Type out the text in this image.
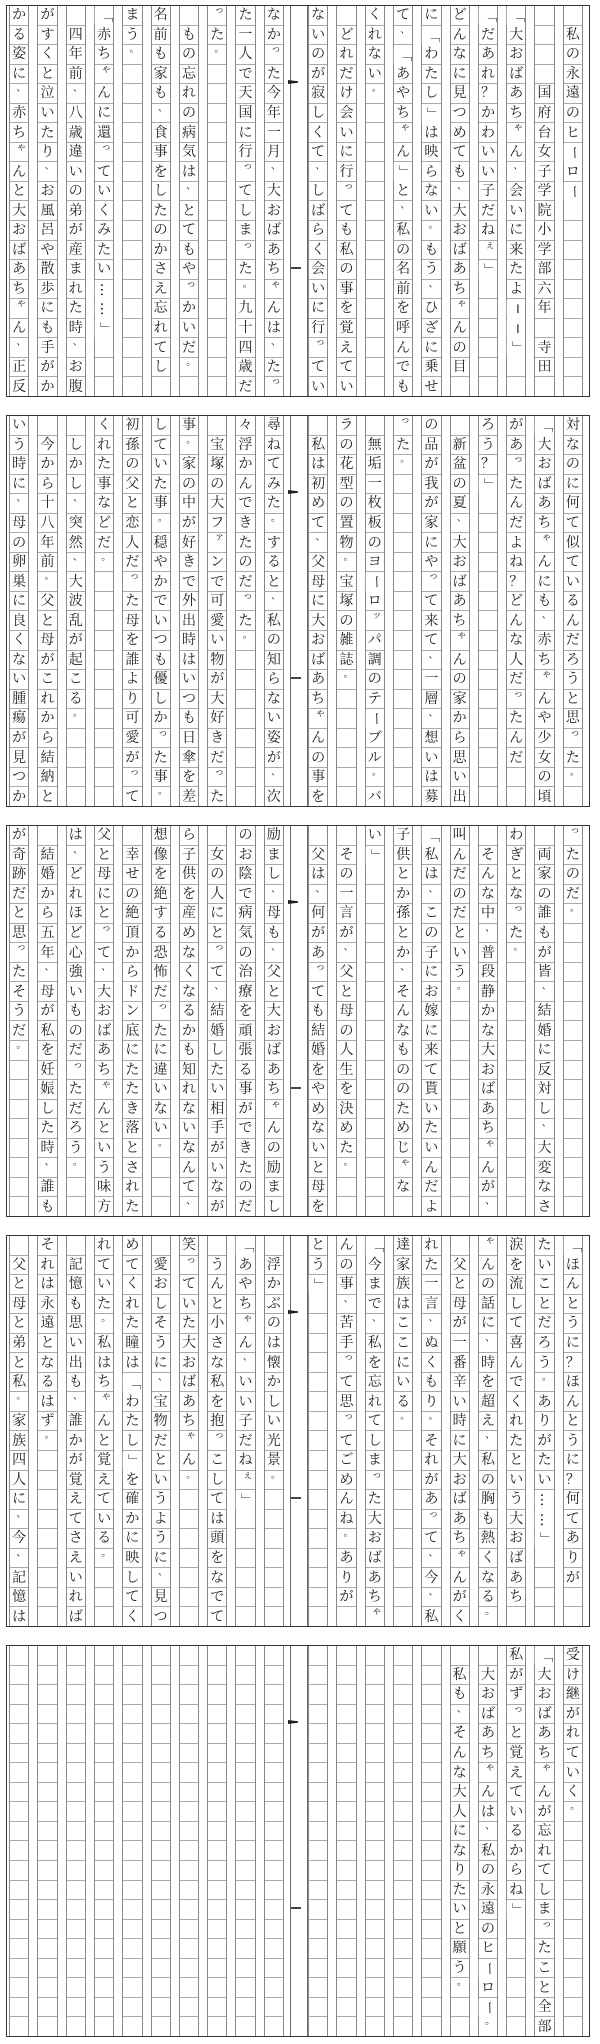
私
の
永
遠
の
ヒ
ー
ロ
ー
国
府
台
女
子
学
院
小
学
部
六
年
寺
田
「
大
お
ば
あ
ち
ゃ
ん
、
会
い
に
来
た
よ
─
─
」
「
だ
あ
れ
？
か
わ
い
い
子
だ
ね
ぇ
」
ど
ん
な
に
見
つ
め
て
も
、
大
お
ば
あ
ち
ゃ
ん
の
目
に
「
わ
た
し
」
は
映
ら
な
い
。
も
う
、
ひ
ざ
に
乗
せ
て
、
「
あ
や
ち
ゃ
ん
」
と
、
私
の
名
前
を
呼
ん
で
も
く
れ
な
い
。
ど
れ
だ
け
会
い
に
行
っ
て
も
私
の
事
を
覚
え
て
い
な
い
の
が
寂
し
く
て
、
し
ば
ら
く
会
い
に
行
っ
て
い
な
か
っ
た
今
年
一
月
、
大
お
ば
あ
ち
ゃ
ん
は
、
た
っ
た
一
人
で
天
国
に
行
っ
て
し
ま
っ
た
。
九
十
四
歳
だ
っ
た
。
も
の
忘
れ
の
病
気
は
、
と
て
も
や
っ
か
い
だ
。
名
前
も
家
も
、
食
事
を
し
た
の
か
さ
え
忘
れ
て
し
ま
う
。
「
赤
ち
ゃ
ん
に
還
っ
て
い
く
み
た
い
…
…
」
四
年
前
、
八
歳
違
い
の
弟
が
産
ま
れ
た
時
、
お
腹
が
す
く
と
泣
い
た
り
、
お
風
呂
や
散
歩
に
も
手
が
か
か
る
姿
に
、
赤
ち
ゃ
ん
と
大
お
ば
あ
ち
ゃ
ん
、
正
反
対
な
の
に
何
て
似
て
い
る
ん
だ
ろ
う
と
思
っ
た
。
「
大
お
ば
あ
ち
ゃ
ん
に
も
、
赤
ち
ゃ
ん
や
少
女
の
頃
が
あ
っ
た
ん
だ
よ
ね
？
ど
ん
な
人
だ
っ
た
ん
だ
ろ
う
？
」
新
盆
の
夏
、
大
お
ば
あ
ち
ゃ
ん
の
家
か
ら
思
い
出
の
品
が
我
が
家
に
や
っ
て
来
て
、
一
層
、
想
い
は
募
っ
た
。
無
垢
一
枚
板
の
ヨ
ー
ロ
ッ
パ
調
の
テ
ー
ブ
ル
。
バ
ラ
の
花
型
の
置
物
。
宝
塚
の
雑
誌
。
私
は
初
め
て
、
父
母
に
大
お
ば
あ
ち
ゃ
ん
の
事
を
尋
ね
て
み
た
。
す
る
と
、
私
の
知
ら
な
い
姿
が
、
次
々
浮
か
ん
で
き
た
の
だ
っ
た
。
宝
塚
の
大
フ
ァ
ン
で
可
愛
い
物
が
大
好
き
だ
っ
た
事
。
家
の
中
が
好
き
で
外
出
時
は
い
つ
も
日
傘
を
差
し
て
い
た
事
。
穏
や
か
で
い
つ
も
優
し
か
っ
た
事
。
初
孫
の
父
と
恋
人
だ
っ
た
母
を
誰
よ
り
可
愛
が
っ
て
く
れ
た
事
な
ど
だ
。
し
か
し
、
突
然
、
大
波
乱
が
起
こ
る
。
今
か
ら
十
八
年
前
。
父
と
母
が
こ
れ
か
ら
結
納
と
い
う
時
に
、
母
の
卵
巣
に
良
く
な
い
腫
瘍
が
見
つ
か
っ
た
の
だ
。
両
家
の
誰
も
が
皆
、
結
婚
に
反
対
し
、
大
変
な
さ
わ
ぎ
と
な
っ
た
。
そ
ん
な
中
、
普
段
静
か
な
大
お
ば
あ
ち
ゃ
ん
が
、
叫
ん
だ
の
だ
と
い
う
。
「
私
は
、
こ
の
子
に
お
嫁
に
来
て
貰
い
た
い
ん
だ
よ
子
供
と
か
孫
と
か
、
そ
ん
な
も
の
の
た
め
じ
ゃ
な
い
」
そ
の
一
言
が
、
父
と
母
の
人
生
を
決
め
た
。
父
は
、
何
が
あ
っ
て
も
結
婚
を
や
め
な
い
と
母
を
励
ま
し
、
母
も
、
父
と
大
お
ば
あ
ち
ゃ
ん
の
励
ま
し
の
お
陰
で
病
気
の
治
療
を
頑
張
る
事
が
で
き
た
の
だ
女
の
人
に
と
っ
て
、
結
婚
し
た
い
相
手
が
い
な
が
ら
子
供
を
産
め
な
く
な
る
か
も
知
れ
な
い
な
ん
て
、
想
像
を
絶
す
る
恐
怖
だ
っ
た
に
違
い
な
い
。
幸
せ
の
絶
頂
か
ら
ド
ン
底
に
た
た
き
落
と
さ
れ
た
父
と
母
に
と
っ
て
、
大
お
ば
あ
ち
ゃ
ん
と
い
う
味
方
は
、
ど
れ
ほ
ど
心
強
い
も
の
だ
っ
た
だ
ろ
う
。
結
婚
か
ら
五
年
、
母
が
私
を
妊
娠
し
た
時
、
誰
も
が
奇
跡
だ
と
思
っ
た
そ
う
だ
。
「
ほ
ん
と
う
に
？
ほ
ん
と
う
に
？
何
て
あ
り
が
た
い
こ
と
だ
ろ
う
。
あ
り
が
た
い
…
…
」
涙
を
流
し
て
喜
ん
で
く
れ
た
と
い
う
大
お
ば
あ
ち
ゃ
ん
の
話
に
、
時
を
超
え
、
私
の
胸
も
熱
く
な
る
。
父
と
母
が
一
番
辛
い
時
に
大
お
ば
あ
ち
ゃ
ん
が
く
れ
た
一
言
、
ぬ
く
も
り
。
そ
れ
が
あ
っ
て
、
今
、
私
達
家
族
は
こ
こ
に
い
る
。
「
今
ま
で
、
私
を
忘
れ
て
し
ま
っ
た
大
お
ば
あ
ち
ゃ
ん
の
事
、
苦
手
っ
て
思
っ
て
ご
め
ん
ね
。
あ
り
が
と
う
」
浮
か
ぶ
の
は
懐
か
し
い
光
景
。
「
あ
や
ち
ゃ
ん
、
い
い
子
だ
ね
ぇ
」
う
ん
と
小
さ
な
私
を
抱
っ
こ
し
て
は
頭
を
な
で
て
笑
っ
て
い
た
大
お
ば
あ
ち
ゃ
ん
。
愛
お
し
そ
う
に
、
宝
物
だ
と
い
う
よ
う
に
、
見
つ
め
て
く
れ
た
瞳
は
「
わ
た
し
」
を
確
か
に
映
し
て
く
れ
て
い
た
。
私
は
ち
ゃ
ん
と
覚
え
て
い
る
。
記
憶
も
思
い
出
も
、
誰
か
が
覚
え
て
さ
え
い
れ
ば
そ
れ
は
永
遠
と
な
る
は
ず
。
父
と
母
と
弟
と
私
。
家
族
四
人
に
、
今
、
記
憶
は
受
け
継
が
れ
て
い
く
。
「
大
お
ば
あ
ち
ゃ
ん
が
忘
れ
て
し
ま
っ
た
こ
と
全
部
私
が
ず
っ
と
覚
え
て
い
る
か
ら
ね
」
大
お
ば
あ
ち
ゃ
ん
は
、
私
の
永
遠
の
ヒ
ー
ロ
ー
。
私
も
、
そ
ん
な
大
人
に
な
り
た
い
と
願
う
。
